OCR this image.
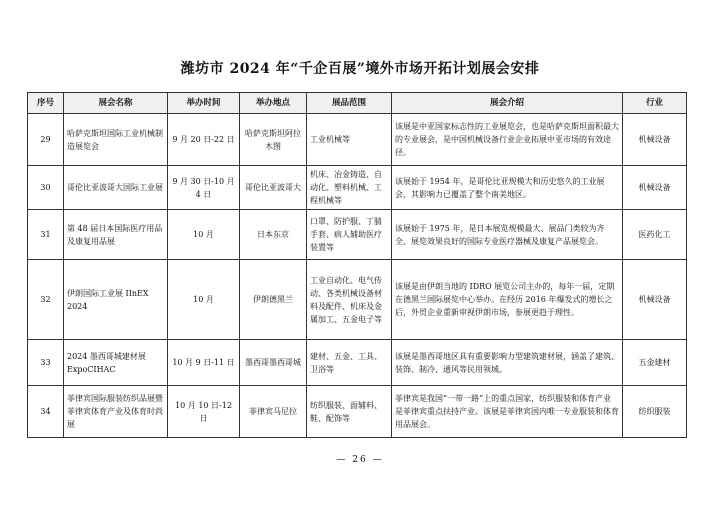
潍坊市 2024 年“千企百展”境外市场开拓计划展会安排
序号	展会名称	举办时间	举办地点	展品范围	展会介绍	行业
29	哈萨克斯坦国际工业机械制造展览会	9 月 20 日-22 日	哈萨克斯坦阿拉木图	工业机械等	该展是中亚国家标志性的工业展览会，也是哈萨克斯坦面积最大的专业展会，是中国机械设备行业企业拓展中亚市场的有效途径。	机械设备
30	哥伦比亚波哥大国际工业展	9 月 30 日-10 月 4 日	哥伦比亚波哥大	机床、冶金铸造、自动化、塑料机械、工程机械等	该展始于 1954 年，是哥伦比亚规模大和历史悠久的工业展会，其影响力已覆盖了整个南美地区。	机械设备
31	第 48 届日本国际医疗用品及康复用品展	10 月	日本东京	口罩、防护服、丁腈手套、病人辅助医疗装置等	该展始于 1975 年，是日本展览规模最大、展品门类较为齐全、展览效果良好的国际专业医疗器械及康复产品展览会。	医药化工
32	伊朗国际工业展 IInEX 2024	10 月	伊朗德黑兰	工业自动化、电气传动、各类机械设备材料及配件、机床及金属加工、五金电子等	该展是由伊朗当地的 IDRO 展览公司主办的，每年一届，定期在德黑兰国际展览中心举办。在经历 2016 年爆发式的增长之后，外贸企业重新审视伊朗市场，参展更趋于理性。	机械设备
33	2024 墨西哥城建材展 ExpoCIHAC	10 月 9 日-11 日	墨西哥墨西哥城	建材、五金、工具、卫浴等	该展是墨西哥地区具有重要影响力型建筑建材展，涵盖了建筑、装饰、制冷、通风等民用领域。	五金建材
34	菲律宾国际服装纺织品展暨菲律宾体育产业及体育时尚展	10 月 10 日-12 日	菲律宾马尼拉	纺织服装、面辅料、鞋、配饰等	菲律宾是我国“一带一路”上的重点国家，纺织服装和体育产业是菲律宾重点扶持产业。该展是菲律宾国内唯一专业服装和体育用品展会。	纺织服装
— 26 —
